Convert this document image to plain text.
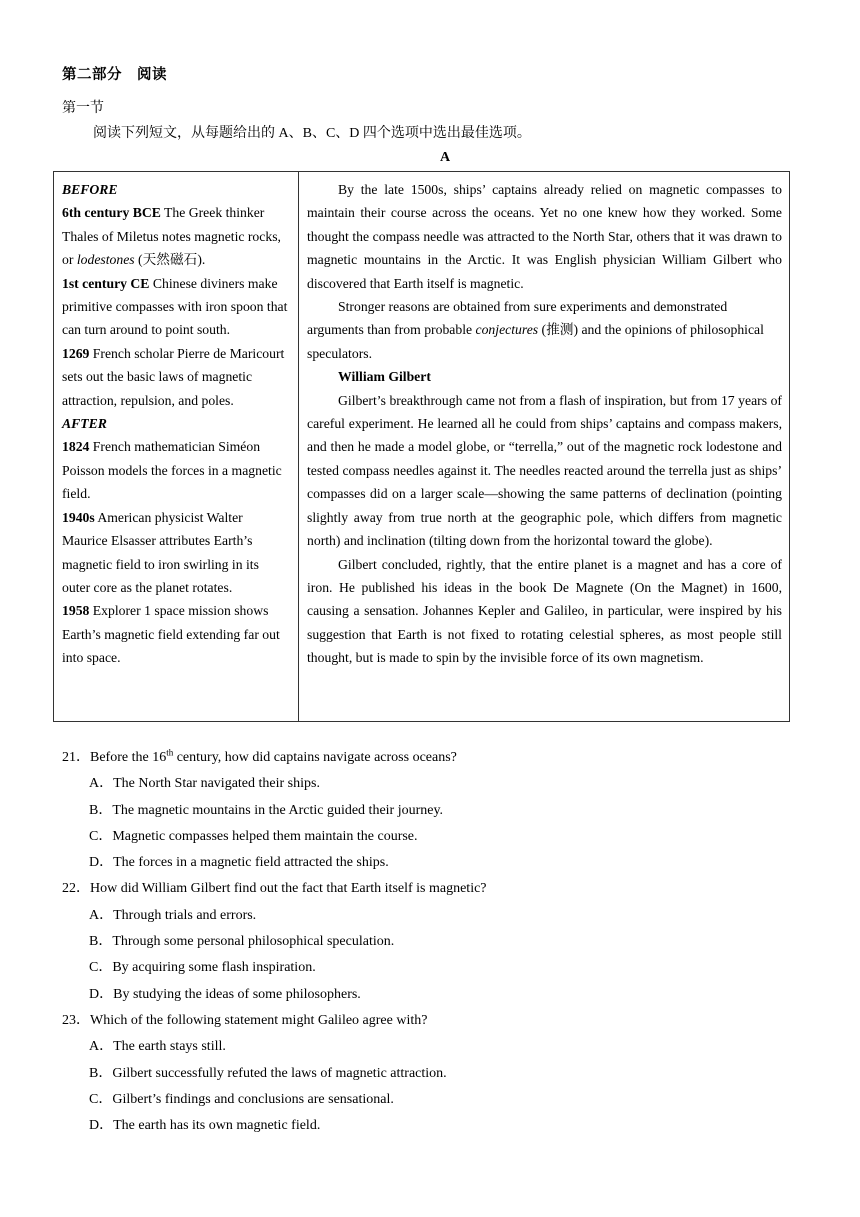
第二部分　阅读
第一节
阅读下列短文，从每题给出的 A、B、C、D 四个选项中选出最佳选项。
A

BEFORE

6th century BCE The Greek thinker Thales of Miletus notes magnetic rocks, or lodestones (天然磁石).

1st century CE Chinese diviners make primitive compasses with iron spoon that can turn around to point south.

1269 French scholar Pierre de Maricourt sets out the basic laws of magnetic attraction, repulsion, and poles.

AFTER

1824 French mathematician Siméon Poisson models the forces in a magnetic field.

1940s American physicist Walter Maurice Elsasser attributes Earth’s magnetic field to iron swirling in its outer core as the planet rotates.

1958 Explorer 1 space mission shows Earth’s magnetic field extending far out into space.

By the late 1500s, ships’ captains already relied on magnetic compasses to maintain their course across the oceans. Yet no one knew how they worked. Some thought the compass needle was attracted to the North Star, others that it was drawn to magnetic mountains in the Arctic. It was English physician William Gilbert who discovered that Earth itself is magnetic.

Stronger reasons are obtained from sure experiments and demonstrated arguments than from probable conjectures (推测) and the opinions of philosophical speculators.

William Gilbert

Gilbert’s breakthrough came not from a flash of inspiration, but from 17 years of careful experiment. He learned all he could from ships’ captains and compass makers, and then he made a model globe, or “terrella,” out of the magnetic rock lodestone and tested compass needles against it. The needles reacted around the terrella just as ships’ compasses did on a larger scale—showing the same patterns of declination (pointing slightly away from true north at the geographic pole, which differs from magnetic north) and inclination (tilting down from the horizontal toward the globe).

Gilbert concluded, rightly, that the entire planet is a magnet and has a core of iron. He published his ideas in the book De Magnete (On the Magnet) in 1600, causing a sensation. Johannes Kepler and Galileo, in particular, were inspired by his suggestion that Earth is not fixed to rotating celestial spheres, as most people still thought, but is made to spin by the invisible force of its own magnetism.

21．Before the 16th century, how did captains navigate across oceans?
A．The North Star navigated their ships.
B．The magnetic mountains in the Arctic guided their journey.
C．Magnetic compasses helped them maintain the course.
D．The forces in a magnetic field attracted the ships.
22．How did William Gilbert find out the fact that Earth itself is magnetic?
A．Through trials and errors.
B．Through some personal philosophical speculation.
C．By acquiring some flash inspiration.
D．By studying the ideas of some philosophers.
23．Which of the following statement might Galileo agree with?
A．The earth stays still.
B．Gilbert successfully refuted the laws of magnetic attraction.
C．Gilbert’s findings and conclusions are sensational.
D．The earth has its own magnetic field.
